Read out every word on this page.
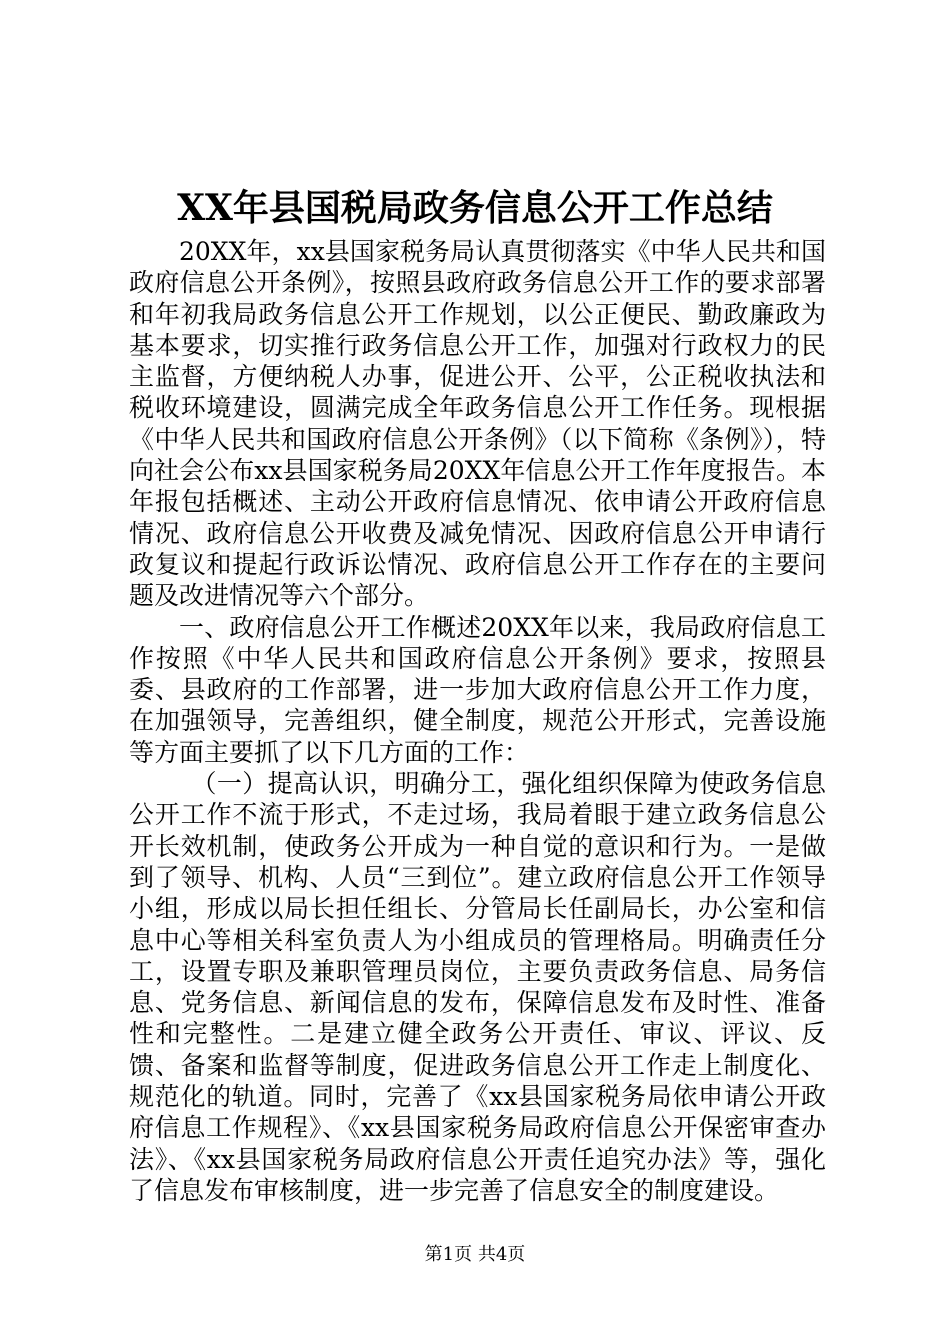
XX年县国税局政务信息公开工作总结

20XX年，xx县国家税务局认真贯彻落实《中华人民共和国政府信息公开条例》，按照县政府政务信息公开工作的要求部署和年初我局政务信息公开工作规划，以公正便民、勤政廉政为基本要求，切实推行政务信息公开工作，加强对行政权力的民主监督，方便纳税人办事，促进公开、公平，公正税收执法和税收环境建设，圆满完成全年政务信息公开工作任务。现根据《中华人民共和国政府信息公开条例》（以下简称《条例》），特向社会公布xx县国家税务局20XX年信息公开工作年度报告。本年报包括概述、主动公开政府信息情况、依申请公开政府信息情况、政府信息公开收费及减免情况、因政府信息公开申请行政复议和提起行政诉讼情况、政府信息公开工作存在的主要问题及改进情况等六个部分。

一、政府信息公开工作概述20XX年以来，我局政府信息工作按照《中华人民共和国政府信息公开条例》要求，按照县委、县政府的工作部署，进一步加大政府信息公开工作力度，在加强领导，完善组织，健全制度，规范公开形式，完善设施等方面主要抓了以下几方面的工作：

（一）提高认识，明确分工，强化组织保障为使政务信息公开工作不流于形式，不走过场，我局着眼于建立政务信息公开长效机制，使政务公开成为一种自觉的意识和行为。一是做到了领导、机构、人员“三到位”。建立政府信息公开工作领导小组，形成以局长担任组长、分管局长任副局长，办公室和信息中心等相关科室负责人为小组成员的管理格局。明确责任分工，设置专职及兼职管理员岗位，主要负责政务信息、局务信息、党务信息、新闻信息的发布，保障信息发布及时性、准备性和完整性。二是建立健全政务公开责任、审议、评议、反馈、备案和监督等制度，促进政务信息公开工作走上制度化、规范化的轨道。同时，完善了《xx县国家税务局依申请公开政府信息工作规程》、《xx县国家税务局政府信息公开保密审查办法》、《xx县国家税务局政府信息公开责任追究办法》等，强化了信息发布审核制度，进一步完善了信息安全的制度建设。

第1页 共4页
